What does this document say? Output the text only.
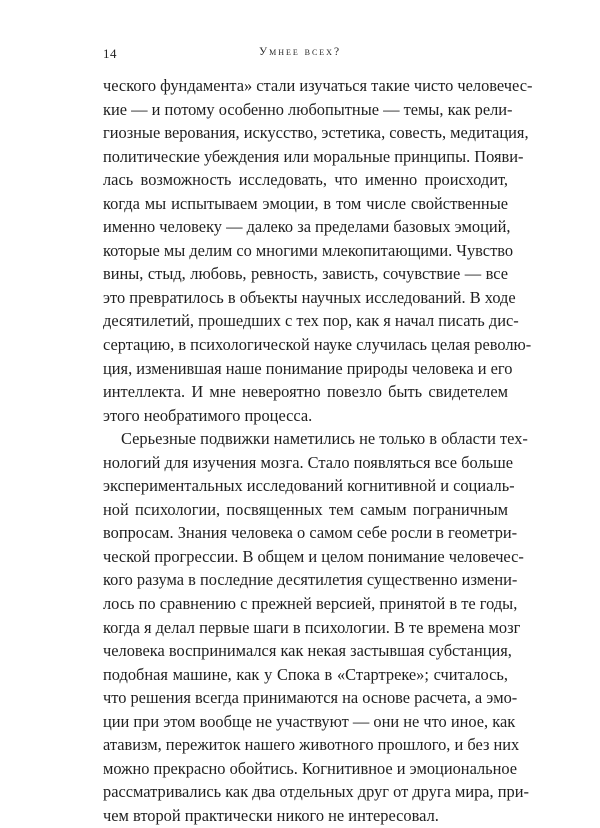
14	Умнее всех?
ческого фундамента» стали изучаться такие чисто человечес-
кие — и потому особенно любопытные — темы, как рели-
гиозные верования, искусство, эстетика, совесть, медитация,
политические убеждения или моральные принципы. Появи-
лась возможность исследовать, что именно происходит,
когда мы испытываем эмоции, в том числе свойственные
именно человеку — далеко за пределами базовых эмоций,
которые мы делим со многими млекопитающими. Чувство
вины, стыд, любовь, ревность, зависть, сочувствие — все
это превратилось в объекты научных исследований. В ходе
десятилетий, прошедших с тех пор, как я начал писать дис-
сертацию, в психологической науке случилась целая револю-
ция, изменившая наше понимание природы человека и его
интеллекта. И мне невероятно повезло быть свидетелем
этого необратимого процесса.
Серьезные подвижки наметились не только в области тех-
нологий для изучения мозга. Стало появляться все больше
экспериментальных исследований когнитивной и социаль-
ной психологии, посвященных тем самым пограничным
вопросам. Знания человека о самом себе росли в геометри-
ческой прогрессии. В общем и целом понимание человечес-
кого разума в последние десятилетия существенно измени-
лось по сравнению с прежней версией, принятой в те годы,
когда я делал первые шаги в психологии. В те времена мозг
человека воспринимался как некая застывшая субстанция,
подобная машине, как у Спока в «Стартреке»; считалось,
что решения всегда принимаются на основе расчета, а эмо-
ции при этом вообще не участвуют — они не что иное, как
атавизм, пережиток нашего животного прошлого, и без них
можно прекрасно обойтись. Когнитивное и эмоциональное
рассматривались как два отдельных друг от друга мира, при-
чем второй практически никого не интересовал.
